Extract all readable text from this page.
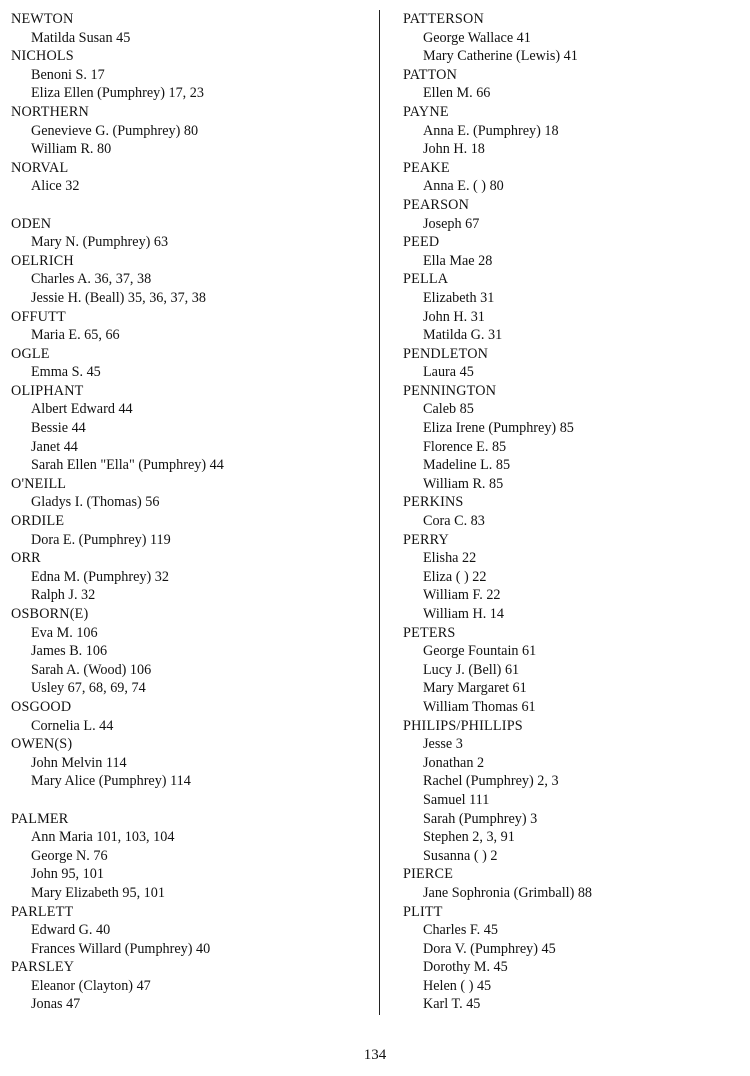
NEWTON
Matilda Susan 45
NICHOLS
Benoni S. 17
Eliza Ellen (Pumphrey) 17, 23
NORTHERN
Genevieve G. (Pumphrey) 80
William R. 80
NORVAL
Alice 32
ODEN
Mary N. (Pumphrey) 63
OELRICH
Charles A. 36, 37, 38
Jessie H. (Beall) 35, 36, 37, 38
OFFUTT
Maria E. 65, 66
OGLE
Emma S. 45
OLIPHANT
Albert Edward 44
Bessie 44
Janet 44
Sarah Ellen "Ella" (Pumphrey) 44
O'NEILL
Gladys I. (Thomas) 56
ORDILE
Dora E. (Pumphrey) 119
ORR
Edna M. (Pumphrey) 32
Ralph J. 32
OSBORN(E)
Eva M. 106
James B. 106
Sarah A. (Wood) 106
Usley 67, 68, 69, 74
OSGOOD
Cornelia L. 44
OWEN(S)
John Melvin 114
Mary Alice (Pumphrey) 114
PALMER
Ann Maria 101, 103, 104
George N. 76
John 95, 101
Mary Elizabeth 95, 101
PARLETT
Edward G. 40
Frances Willard (Pumphrey) 40
PARSLEY
Eleanor (Clayton) 47
Jonas 47
PATTERSON
George Wallace 41
Mary Catherine (Lewis) 41
PATTON
Ellen M. 66
PAYNE
Anna E. (Pumphrey) 18
John H. 18
PEAKE
Anna E. ( ) 80
PEARSON
Joseph 67
PEED
Ella Mae 28
PELLA
Elizabeth 31
John H. 31
Matilda G. 31
PENDLETON
Laura 45
PENNINGTON
Caleb 85
Eliza Irene (Pumphrey) 85
Florence E. 85
Madeline L. 85
William R. 85
PERKINS
Cora C. 83
PERRY
Elisha 22
Eliza ( ) 22
William F. 22
William H. 14
PETERS
George Fountain 61
Lucy J. (Bell) 61
Mary Margaret 61
William Thomas 61
PHILIPS/PHILLIPS
Jesse 3
Jonathan 2
Rachel (Pumphrey) 2, 3
Samuel 111
Sarah (Pumphrey) 3
Stephen 2, 3, 91
Susanna ( ) 2
PIERCE
Jane Sophronia (Grimball) 88
PLITT
Charles F. 45
Dora V. (Pumphrey) 45
Dorothy M. 45
Helen ( ) 45
Karl T. 45
134
